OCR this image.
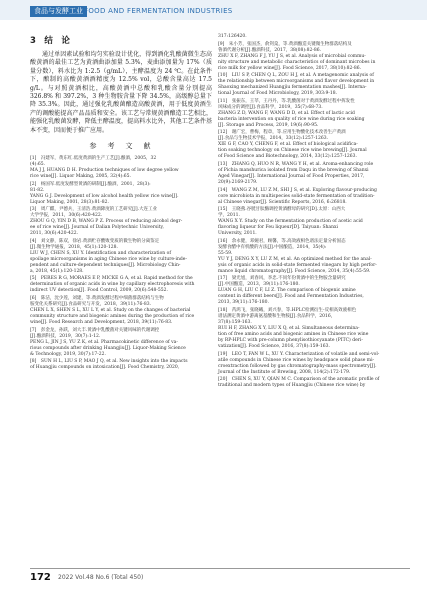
食品与发酵工业 FOOD AND FERMENTATION INDUSTRIES
3　结　论

通过单因素试验和均匀实验设计优化，得到酒化乳酸菌微生态高酸黄酒的最佳工艺为黄酒曲添加量 5.3%，麦曲添加量为 17%（质量分数），料水比为 1:2.5（g/mL），主酵温度为 24 ℃。在此条件下，酿制的高酸黄酒酒精度为 12.5% vol，总酸含量高达 17.5 g/L。与对照黄酒相比，高酸黄酒中总酸和乳酸含量分别提高 326.8% 和 397.2%，3 种生物胺含量下降 34.5%，高级醇总量下降 35.3%。因此，通过强化乳酸菌酿造高酸黄酒，用于低度黄酒生产的调酸能提高产品品质和安全。该工艺与常规黄酒酿造工艺相比，能强化乳酸菌发酵，降低主酵温度，提高料水比外，其他工艺条件基本不变，因而便于推广应用。

参　考　文　献
[1]　冯建军，黄东红.低度黄酒的生产工艺[J].酿酒，2005，32
(4):65.
MA J J, HUANG D H. Production techniques of low degree yellow
rice wine[J]. Liquor Making, 2005, 32(4):65.
[2]　杨国军.低度发酵型黄酒的研制[J].酿酒，2001，28(3):
81-82.
YANG G J. Development of low alcohol health yellow rice wine[J].
Liquor Making, 2001, 28(3):81-82.
[3]　周广麒，尹德兵，王清浩.黄酒降度的工艺研究[J].大连工业
大学学报，2011，30(6):420-422.
ZHOU G Q, YIN D B, WANG P Z. Process of reducing alcohol degr-
ee of rice wine[J]. Journal of Dalian Polytechnic University,
2011, 30(6):420-422.
[4]　刘文静，陈双，徐岩.黄酒贮存酸败变质的微生物的分离鉴定
[J].微生物学通报，2018，45(1):120-128.
LIU W J, CHEN S, XU Y. Identification and characterization of
spoilage microorganisms in aging Chinese rice wine by culture-inde-
pendent and culture-dependent techniques[J]. Microbiology Chin-
a, 2018, 45(1):120-128.
[5]　PERES R G, MORAES E P, MICKE G A, et al. Rapid method for the
determination of organic acids in wine by capillary electrophoresis with
indirect UV detection[J]. Food Control, 2009, 20(6):548-552.
[6]　陈洁，沈少莲，刘建，等.黄酒发酵过程中细菌群落结构与生物
胺变化关系研究[J].食品研究与开发，2018，39(11):76-83.
CHEN L X, SHEN S L, XU L Y, et al. Study on the changes of bacterial
community structure and biogenic amines during the production of rice
wine[J]. Food Research and Development, 2018, 39(11):76-83.
[7]　彭金龙，孙跃，刘大丰.黄酒中乳酸菌对关键风味的代谢调控
[J].酿酒科技，2019，30(7):1-12.
PENG L, JIN J S, YU Z K, et al. Pharmacokinetic difference of va-
rious compounds after drinking Huangjiu[J]. Liquor-Making Science
& Technology, 2019, 30(7):17-22.
[8]　SUN H L, LIU S P, MAO J Q, et al. New insights into the impacts
of Huangjiu compounds on intoxication[J]. Food Chemistry, 2020,
317:126420.
[9]　朱小芳，张国杰，俞剑燊，等.黄酒酿造关键微生物群落结构及
鲁酒代谢分析[J].酿酒科技，2017，38(08):82-86.
ZHU X F, ZHANG F J, YU J S, et al. Analysis of microbial commu-
nity structure and metabolic characteristics of dominant microbes in
rice milk for yellow wine[J]. Food Science, 2017, 38(10):82-86.
[10]　LIU S P, CHEN Q L, ZOU H J, et al. A metagenomic analysis of
the relationship between microorganisms and flavor development in
Shaoxing mechanized Huangjiu fermentation mashes[J]. Interna-
tional Journal of Food Microbiology, 2019, 303:9-18.
[11]　张振东，王莘，王丹丹，等.乳酸菌对于黄酒发酵过程中挥发性
风味成分的调控[J].食品科学，2019，35(7):68-73.
ZHANG Z D, WANG F, WANG D D, et al. Effect of lactic acid
bacteria intervention on quality of rice wine during rice soaking
[J]. Storage and Process, 2019, 19(6):90-95.
[12]　谢广宏，曹梅，程章，等.应用生物酸化技术改善生产黄酒
[J].食品与生物技术学报，2014，33(12):1257-1263.
XIE G F, CAO Y, CHENG F, et al. Effect of biological acidifica-
tion soaking technology on Chinese rice wine brewing[J]. Journal
of Food Science and Biotechnology, 2014, 33(12):1257-1263.
[13]　ZHANG Q, HUO N R, WANG Y H, et al. Aroma-enhancing role
of Pichia manshurica isolated from Daqu in the brewing of Shanxi
Aged Vinegar[J]. International Journal of Food Properties, 2017,
20(9):2169-2179.
[14]　WANG Z M, LU Z M, SHI J S, et al. Exploring flavour-producing
core microbiota in multispecies solid-state fermentation of tradition-
al Chinese vinegar[J]. Scientific Reports, 2016, 6:26818.
[15]　王晓燕.谷胱甘肽酶调控黄酒酵母的研究[D].太原：山西大
学，2011.
WANG X Y. Study on the fermentation production of acetic acid
flavoring liqueur for Feu liqueur[D]. Taiyuan: Shanxi
University, 2011.
[16]　余永健，邓婉君，顾馨，等.高效液相色谱法定量分析固态
发酵食醋中有机酸的方法[J].中国酿造，2014，35(4):
55-59.
YU Y J, DENG X Y, LU Z M, et al. An optimized method for the anal-
ysis of organic acids in solid-state fermented vinegars by high perfor-
mance liquid chromatography[J]. Food Science, 2014, 35(4):55-59.
[17]　梁光旭，刘春风，李忠.不同年份黄酒中的生物胺含量研究
[J].中国酿造，2013，39(11):176-180.
LUAN G H, LIU C F, LI Z. The comparison of biogenic amine
content in different beers[J]. Food and Fermentation Industries,
2013, 39(11):176-180.
[18]　芮鸿飞，张晓曦，刘兴春，等.HPLC检测衍生-反相高效液相色
谱法测定黄酒中游离氨基酸和生物胺[J].食品科学，2016，
37(8):159-163.
RUI H F, ZHANG X Y, LIU X Q, et al. Simultaneous determina-
tion of free amino acids and biogenic amines in Chinese rice wine
by RP-HPLC with pre-column phenylisothiocyanate (PITC) deri-
vatization[J]. Food Science, 2016, 37(8):159-163.
[19]　LEO T, FAN W L, XU Y. Characterization of volatile and semi-vol-
atile compounds in Chinese rice wines by headspace solid phase mi-
croextraction followed by gas chromatography-mass spectrometry[J].
Journal of the Institute of Brewing, 2008, 114(2):172-179.
[20]　CHEN S, XU Y, QIAN M C. Comparison of the aromatic profile of
traditional and modern types of Huangjiu (Chinese rice wine) by
172 2022 Vol.48 No.6 (Total 450)
